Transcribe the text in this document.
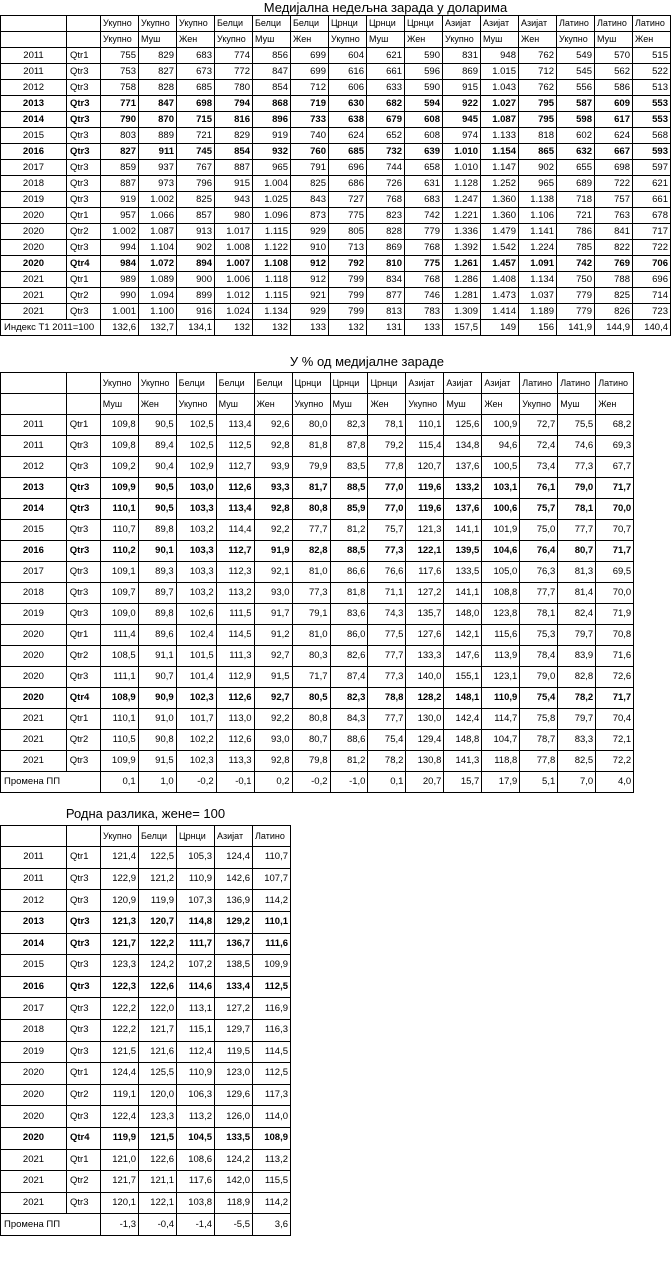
		Медијална недељна зарада у доларима														
		Укупно	Укупно	Укупно	Белци	Белци	Белци	Црнци	Црнци	Црнци	Азијат	Азијат	Азијат	Латино	Латино	Латино
		Укупно	Муш	Жен	Укупно	Муш	Жен	Укупно	Муш	Жен	Укупно	Муш	Жен	Укупно	Муш	Жен
2011	Qtr1	755	829	683	774	856	699	604	621	590	831	948	762	549	570	515
2011	Qtr3	753	827	673	772	847	699	616	661	596	869	1.015	712	545	562	522
2012	Qtr3	758	828	685	780	854	712	606	633	590	915	1.043	762	556	586	513
2013	Qtr3	771	847	698	794	868	719	630	682	594	922	1.027	795	587	609	553
2014	Qtr3	790	870	715	816	896	733	638	679	608	945	1.087	795	598	617	553
2015	Qtr3	803	889	721	829	919	740	624	652	608	974	1.133	818	602	624	568
2016	Qtr3	827	911	745	854	932	760	685	732	639	1.010	1.154	865	632	667	593
2017	Qtr3	859	937	767	887	965	791	696	744	658	1.010	1.147	902	655	698	597
2018	Qtr3	887	973	796	915	1.004	825	686	726	631	1.128	1.252	965	689	722	621
2019	Qtr3	919	1.002	825	943	1.025	843	727	768	683	1.247	1.360	1.138	718	757	661
2020	Qtr1	957	1.066	857	980	1.096	873	775	823	742	1.221	1.360	1.106	721	763	678
2020	Qtr2	1.002	1.087	913	1.017	1.115	929	805	828	779	1.336	1.479	1.141	786	841	717
2020	Qtr3	994	1.104	902	1.008	1.122	910	713	869	768	1.392	1.542	1.224	785	822	722
2020	Qtr4	984	1.072	894	1.007	1.108	912	792	810	775	1.261	1.457	1.091	742	769	706
2021	Qtr1	989	1.089	900	1.006	1.118	912	799	834	768	1.286	1.408	1.134	750	788	696
2021	Qtr2	990	1.094	899	1.012	1.115	921	799	877	746	1.281	1.473	1.037	779	825	714
2021	Qtr3	1.001	1.100	916	1.024	1.134	929	799	813	783	1.309	1.414	1.189	779	826	723
Индекс Т1 2011=100		132,6	132,7	134,1	132	132	133	132	131	133	157,5	149	156	141,9	144,9	140,4
		У % од медијалне зараде													
		Укупно	Укупно	Белци	Белци	Белци	Црнци	Црнци	Црнци	Азијат	Азијат	Азијат	Латино	Латино	Латино
		Муш	Жен	Укупно	Муш	Жен	Укупно	Муш	Жен	Укупно	Муш	Жен	Укупно	Муш	Жен
2011	Qtr1	109,8	90,5	102,5	113,4	92,6	80,0	82,3	78,1	110,1	125,6	100,9	72,7	75,5	68,2
2011	Qtr3	109,8	89,4	102,5	112,5	92,8	81,8	87,8	79,2	115,4	134,8	94,6	72,4	74,6	69,3
2012	Qtr3	109,2	90,4	102,9	112,7	93,9	79,9	83,5	77,8	120,7	137,6	100,5	73,4	77,3	67,7
2013	Qtr3	109,9	90,5	103,0	112,6	93,3	81,7	88,5	77,0	119,6	133,2	103,1	76,1	79,0	71,7
2014	Qtr3	110,1	90,5	103,3	113,4	92,8	80,8	85,9	77,0	119,6	137,6	100,6	75,7	78,1	70,0
2015	Qtr3	110,7	89,8	103,2	114,4	92,2	77,7	81,2	75,7	121,3	141,1	101,9	75,0	77,7	70,7
2016	Qtr3	110,2	90,1	103,3	112,7	91,9	82,8	88,5	77,3	122,1	139,5	104,6	76,4	80,7	71,7
2017	Qtr3	109,1	89,3	103,3	112,3	92,1	81,0	86,6	76,6	117,6	133,5	105,0	76,3	81,3	69,5
2018	Qtr3	109,7	89,7	103,2	113,2	93,0	77,3	81,8	71,1	127,2	141,1	108,8	77,7	81,4	70,0
2019	Qtr3	109,0	89,8	102,6	111,5	91,7	79,1	83,6	74,3	135,7	148,0	123,8	78,1	82,4	71,9
2020	Qtr1	111,4	89,6	102,4	114,5	91,2	81,0	86,0	77,5	127,6	142,1	115,6	75,3	79,7	70,8
2020	Qtr2	108,5	91,1	101,5	111,3	92,7	80,3	82,6	77,7	133,3	147,6	113,9	78,4	83,9	71,6
2020	Qtr3	111,1	90,7	101,4	112,9	91,5	71,7	87,4	77,3	140,0	155,1	123,1	79,0	82,8	72,6
2020	Qtr4	108,9	90,9	102,3	112,6	92,7	80,5	82,3	78,8	128,2	148,1	110,9	75,4	78,2	71,7
2021	Qtr1	110,1	91,0	101,7	113,0	92,2	80,8	84,3	77,7	130,0	142,4	114,7	75,8	79,7	70,4
2021	Qtr2	110,5	90,8	102,2	112,6	93,0	80,7	88,6	75,4	129,4	148,8	104,7	78,7	83,3	72,1
2021	Qtr3	109,9	91,5	102,3	113,3	92,8	79,8	81,2	78,2	130,8	141,3	118,8	77,8	82,5	72,2
Промена ПП		0,1	1,0	-0,2	-0,1	0,2	-0,2	-1,0	0,1	20,7	15,7	17,9	5,1	7,0	4,0
Родна разлика, жене= 100						
		Укупно	Белци	Црнци	Азијат	Латино
2011	Qtr1	121,4	122,5	105,3	124,4	110,7
2011	Qtr3	122,9	121,2	110,9	142,6	107,7
2012	Qtr3	120,9	119,9	107,3	136,9	114,2
2013	Qtr3	121,3	120,7	114,8	129,2	110,1
2014	Qtr3	121,7	122,2	111,7	136,7	111,6
2015	Qtr3	123,3	124,2	107,2	138,5	109,9
2016	Qtr3	122,3	122,6	114,6	133,4	112,5
2017	Qtr3	122,2	122,0	113,1	127,2	116,9
2018	Qtr3	122,2	121,7	115,1	129,7	116,3
2019	Qtr3	121,5	121,6	112,4	119,5	114,5
2020	Qtr1	124,4	125,5	110,9	123,0	112,5
2020	Qtr2	119,1	120,0	106,3	129,6	117,3
2020	Qtr3	122,4	123,3	113,2	126,0	114,0
2020	Qtr4	119,9	121,5	104,5	133,5	108,9
2021	Qtr1	121,0	122,6	108,6	124,2	113,2
2021	Qtr2	121,7	121,1	117,6	142,0	115,5
2021	Qtr3	120,1	122,1	103,8	118,9	114,2
Промена ПП		-1,3	-0,4	-1,4	-5,5	3,6
